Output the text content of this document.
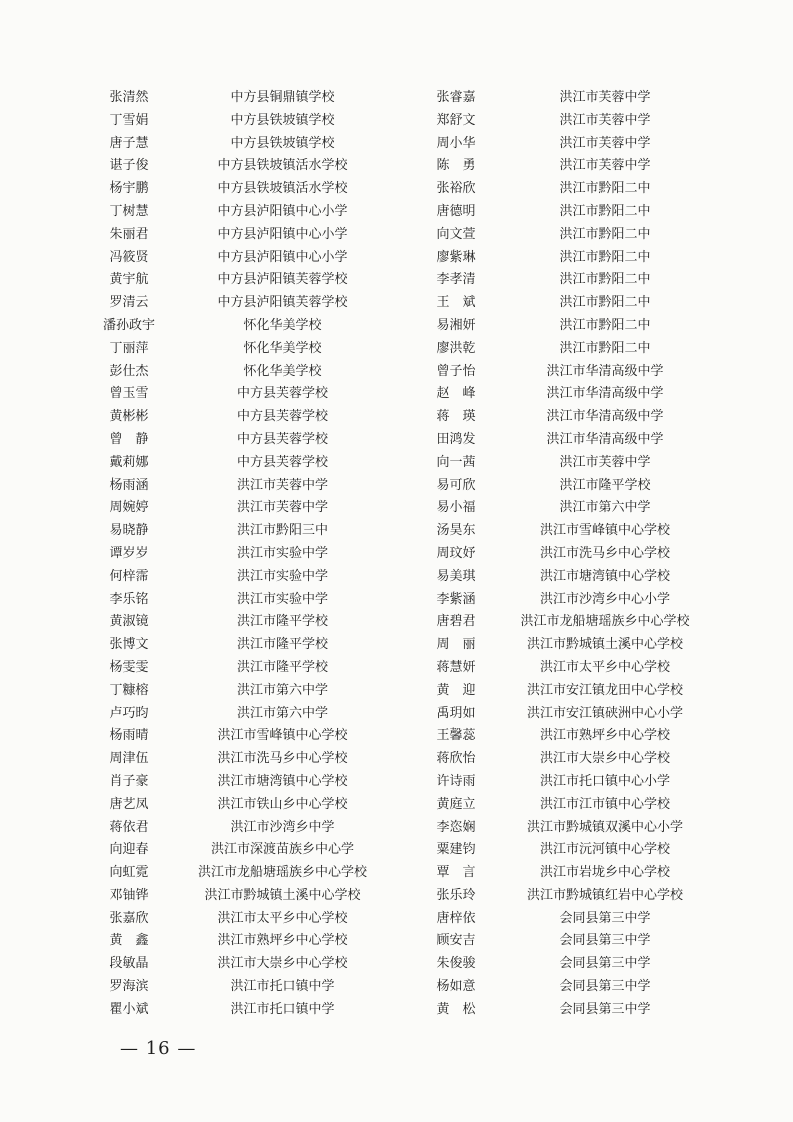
张清然	中方县铜鼎镇学校	张睿嘉	洪江市芙蓉中学
丁雪娟	中方县铁坡镇学校	郑舒文	洪江市芙蓉中学
唐子慧	中方县铁坡镇学校	周小华	洪江市芙蓉中学
谌子俊	中方县铁坡镇活水学校	陈　勇	洪江市芙蓉中学
杨宇鹏	中方县铁坡镇活水学校	张裕欣	洪江市黔阳二中
丁树慧	中方县泸阳镇中心小学	唐德明	洪江市黔阳二中
朱丽君	中方县泸阳镇中心小学	向文萱	洪江市黔阳二中
冯筱贤	中方县泸阳镇中心小学	廖紫琳	洪江市黔阳二中
黄宇航	中方县泸阳镇芙蓉学校	李孝清	洪江市黔阳二中
罗清云	中方县泸阳镇芙蓉学校	王　斌	洪江市黔阳二中
潘孙政宇	怀化华美学校	易湘妍	洪江市黔阳二中
丁丽萍	怀化华美学校	廖洪乾	洪江市黔阳二中
彭仕杰	怀化华美学校	曾子怡	洪江市华清高级中学
曾玉雪	中方县芙蓉学校	赵　峰	洪江市华清高级中学
黄彬彬	中方县芙蓉学校	蒋　瑛	洪江市华清高级中学
曾　静	中方县芙蓉学校	田鸿发	洪江市华清高级中学
戴莉娜	中方县芙蓉学校	向一茜	洪江市芙蓉中学
杨雨涵	洪江市芙蓉中学	易可欣	洪江市隆平学校
周婉婷	洪江市芙蓉中学	易小福	洪江市第六中学
易晓静	洪江市黔阳三中	汤昊东	洪江市雪峰镇中心学校
谭岁岁	洪江市实验中学	周玟妤	洪江市洗马乡中心学校
何梓霈	洪江市实验中学	易美琪	洪江市塘湾镇中心学校
李乐铭	洪江市实验中学	李紫涵	洪江市沙湾乡中心小学
黄淑镜	洪江市隆平学校	唐碧君	洪江市龙船塘瑶族乡中心学校
张博文	洪江市隆平学校	周　丽	洪江市黔城镇土溪中心学校
杨雯雯	洪江市隆平学校	蒋慧妍	洪江市太平乡中心学校
丁糠榕	洪江市第六中学	黄　迎	洪江市安江镇龙田中心学校
卢巧昀	洪江市第六中学	禹玥如	洪江市安江镇硖洲中心小学
杨雨晴	洪江市雪峰镇中心学校	王馨蕊	洪江市熟坪乡中心学校
周津伍	洪江市洗马乡中心学校	蒋欣怡	洪江市大崇乡中心学校
肖子豪	洪江市塘湾镇中心学校	许诗雨	洪江市托口镇中心小学
唐艺凤	洪江市铁山乡中心学校	黄庭立	洪江市江市镇中心学校
蒋依君	洪江市沙湾乡中学	李恣娴	洪江市黔城镇双溪中心小学
向迎春	洪江市深渡苗族乡中心学	粟建钧	洪江市沅河镇中心学校
向虹霓	洪江市龙船塘瑶族乡中心学校	覃　言	洪江市岩垅乡中心学校
邓铀铧	洪江市黔城镇土溪中心学校	张乐玲	洪江市黔城镇红岩中心学校
张嘉欣	洪江市太平乡中心学校	唐梓依	会同县第三中学
黄　鑫	洪江市熟坪乡中心学校	顾安吉	会同县第三中学
段敏晶	洪江市大崇乡中心学校	朱俊骏	会同县第三中学
罗海滨	洪江市托口镇中学	杨如意	会同县第三中学
瞿小斌	洪江市托口镇中学	黄　松	会同县第三中学
— 16 —
